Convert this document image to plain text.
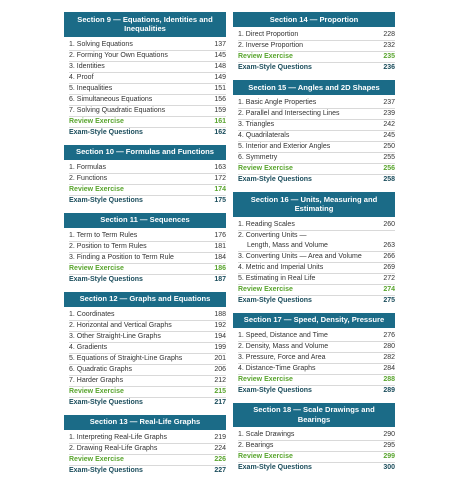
Section 9 — Equations, Identities and Inequalities
1. Solving Equations	137
2. Forming Your Own Equations	145
3. Identities	148
4. Proof	149
5. Inequalities	151
6. Simultaneous Equations	156
7. Solving Quadratic Equations	159
Review Exercise	161
Exam-Style Questions	162
Section 10 — Formulas and Functions
1. Formulas	163
2. Functions	172
Review Exercise	174
Exam-Style Questions	175
Section 11 — Sequences
1. Term to Term Rules	176
2. Position to Term Rules	181
3. Finding a Position to Term Rule	184
Review Exercise	186
Exam-Style Questions	187
Section 12 — Graphs and Equations
1. Coordinates	188
2. Horizontal and Vertical Graphs	192
3. Other Straight-Line Graphs	194
4. Gradients	199
5. Equations of Straight-Line Graphs	201
6. Quadratic Graphs	206
7. Harder Graphs	212
Review Exercise	215
Exam-Style Questions	217
Section 13 — Real-Life Graphs
1. Interpreting Real-Life Graphs	219
2. Drawing Real-Life Graphs	224
Review Exercise	226
Exam-Style Questions	227
Section 14 — Proportion
1. Direct Proportion	228
2. Inverse Proportion	232
Review Exercise	235
Exam-Style Questions	236
Section 15 — Angles and 2D Shapes
1. Basic Angle Properties	237
2. Parallel and Intersecting Lines	239
3. Triangles	242
4. Quadrilaterals	245
5. Interior and Exterior Angles	250
6. Symmetry	255
Review Exercise	256
Exam-Style Questions	258
Section 16 — Units, Measuring and Estimating
1. Reading Scales	260
2. Converting Units —
Length, Mass and Volume	263
3. Converting Units — Area and Volume	266
4. Metric and Imperial Units	269
5. Estimating in Real Life	272
Review Exercise	274
Exam-Style Questions	275
Section 17 — Speed, Density, Pressure
1. Speed, Distance and Time	276
2. Density, Mass and Volume	280
3. Pressure, Force and Area	282
4. Distance-Time Graphs	284
Review Exercise	288
Exam-Style Questions	289
Section 18 — Scale Drawings and Bearings
1. Scale Drawings	290
2. Bearings	295
Review Exercise	299
Exam-Style Questions	300
